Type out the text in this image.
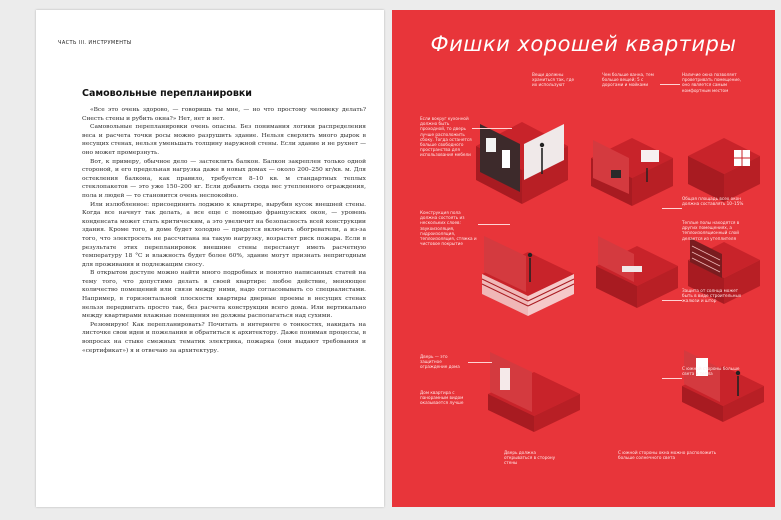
ЧАСТЬ III. ИНСТРУМЕНТЫ
Самовольные перепланировки

«Все это очень здорово, — говоришь ты мне, — но что простому человеку делать? Снесть стены и рубить окна?» Нет, нет и нет.

Самовольные перепланировки очень опасны. Без понимания логики распределения веса и расчета точки росы можно разрушить здание. Нельзя сверлить много дырок в несущих стенах, нельзя уменьшать толщину наружной стены. Если здание и не рухнет — оно может промерзнуть.

Вот, к примеру, обычное дело — застеклить балкон. Балкон закреплен только одной стороной, и его предельная нагрузка даже в новых домах — около 200–250 кг/кв. м. Для остекления балкона, как правило, требуется 8–10 кв. м стандартных теплых стеклопакетов — это уже 150–200 кг. Если добавить сюда вес утепленного ограждения, пола и людей — то становится очень неспокойно.

Или излюбленное: присоединить лоджию к квартире, вырубив кусок внешней стены. Когда все начнут так делать, а все еще с помощью французских окон, — уровень конденсата может стать критическим, а это увеличит на безопасность всей конструкции здания. Кроме того, в доме будет холодно — придется включать обогреватели, а из-за того, что электросеть не рассчитана на такую нагрузку, возрастет риск пожара. Если в результате этих перепланировок внешние стены перестанут иметь расчетную температуру 18 °С и влажность будет более 60%, здание могут признать непригодным для проживания и подлежащим сносу.

В открытом доступе можно найти много подробных и понятно написанных статей на тему того, что допустимо делать в своей квартире: любое действие, меняющее количество помещений или связи между ними, надо согласовывать со специалистами. Например, в горизонтальной плоскости квартиры дверные проемы в несущих стенах нельзя передвигать просто так, без расчета конструкции всего дома. Или вертикально между квартирами влажные помещения не должны располагаться над сухими.

Резюмирую! Как перепланировать? Почитать в интернете о тонкостях, накидать на листочке свои идеи и пожелания и обратиться к архитектору. Даже понимая процессы, в вопросах на стыке смежных тематик электрика, пожарка (они выдают требования и «сертификат») я и отвечаю за архитектуру.

Фишки хорошей квартиры
Вещи должны храниться так, где их используют
Чем больше ванна, тем больше вещей; 5 с дорогами и мойками
Наличие окна позволяет проветривать помещение, оно является самым комфортным местом
Если вокруг кухонной должно быть проходной, то дверь лучше расположить сбоку. Тогда останется больше свободного пространства для использования мебели
Конструкция пола должна состоять из нескольких слоев: звукоизоляция, гидроизоляция, теплоизоляция, стяжка и чистовое покрытие
Общая площадь всех окон должна составлять 10–15%
Теплые полы находятся в других помещениях, а теплоизоляционный слой делается из утеплителя
Защита от солнца может быть в виде строительных жалюзи и штор
Дверь — это защитное ограждение дома
Дом квартира с панорамным видом оказывается лучше
С южной стороны больше света и тепла
Дверь должна открываться в сторону стены
С южной стороны окна можно расположить больше солнечного света
